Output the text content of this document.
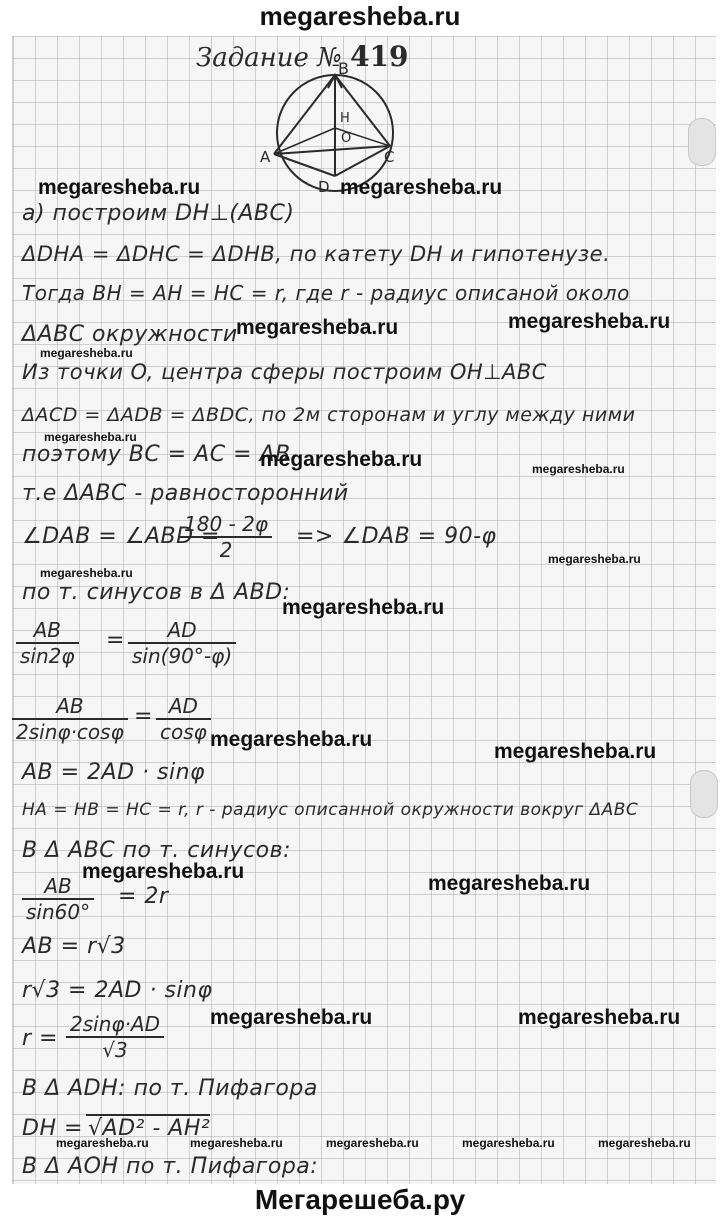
megaresheba.ru
Задание № 419
B
H
O
A	C
D
а) построим DH⊥(ABC)
ΔDHA = ΔDHC = ΔDHB, по катету DH и гипотенузе.
Тогда BH = AH = HC = r, где r - радиус описаной около
ΔABC окружности
Из точки O, центра сферы построим OH⊥ABC
ΔACD = ΔADB = ΔBDC, по 2м сторонам и углу между ними
поэтому BC = AC = AB
т.е ΔABC - равносторонний
∠DAB = ∠ABD =
$\frac{180 - 2\varphi}{2}$ => ∠DAB = 90-φ
по т. синусов в Δ ABD:
$\frac{AB}{\sin 2\varphi} = \frac{AD}{\sin(90^\circ-\varphi)}$
$\frac{AB}{2\sin\varphi\cdot\cos\varphi} = \frac{AD}{\cos\varphi}$
AB = 2AD · sinφ
HA = HB = HC = r, r - радиус описанной окружности вокруг ΔABC
В Δ ABC по т. синусов:
$\frac{AB}{\sin 60^\circ} = 2r$
AB = r√3
r√3 = 2AD · sinφ
$r = \frac{2\sin\varphi\cdot AD}{√3}$
В Δ ADH: по т. Пифагора
DH = √AD² - AH²
В Δ AOH по т. Пифагора:
megaresheba.ru	megaresheba.ru
megaresheba.ru	megaresheba.ru
megaresheba.ru
megaresheba.ru
megaresheba.ru	megaresheba.ru
megaresheba.ru
megaresheba.ru
megaresheba.ru
megaresheba.ru
megaresheba.ru
megaresheba.ru
megaresheba.ru
megaresheba.ru	megaresheba.ru
megaresheba.ru	megaresheba.ru	megaresheba.ru	megaresheba.ru	megaresheba.ru
Мегарешеба.ру
